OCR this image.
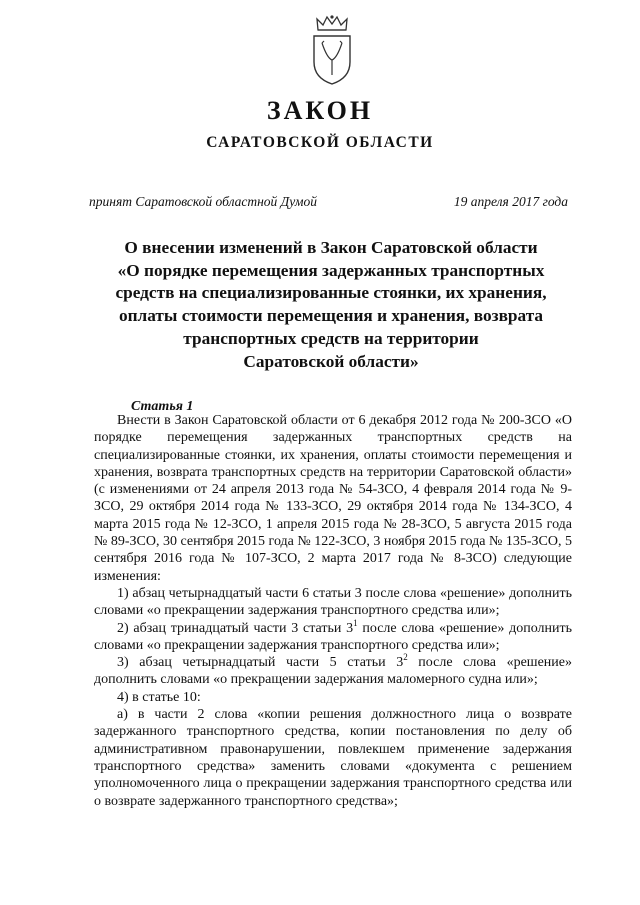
ЗАКОН
САРАТОВСКОЙ ОБЛАСТИ
принят Саратовской областной Думой	19 апреля 2017 года
О внесении изменений в Закон Саратовской области
«О порядке перемещения задержанных транспортных
средств на специализированные стоянки, их хранения,
оплаты стоимости перемещения и хранения, возврата
транспортных средств на территории
Саратовской области»
Статья 1

Внести в Закон Саратовской области от 6 декабря 2012 года № 200-ЗСО «О порядке перемещения задержанных транспортных средств на специализированные стоянки, их хранения, оплаты стоимости перемещения и хранения, возврата транспортных средств на территории Саратовской области» (с изменениями от 24 апреля 2013 года № 54-ЗСО, 4 февраля 2014 года № 9-ЗСО, 29 октября 2014 года № 133-ЗСО, 29 октября 2014 года № 134-ЗСО, 4 марта 2015 года № 12-ЗСО, 1 апреля 2015 года № 28-ЗСО, 5 августа 2015 года № 89-ЗСО, 30 сентября 2015 года № 122-ЗСО, 3 ноября 2015 года № 135-ЗСО, 5 сентября 2016 года № 107-ЗСО, 2 марта 2017 года № 8-ЗСО) следующие изменения:

1) абзац четырнадцатый части 6 статьи 3 после слова «решение» дополнить словами «о прекращении задержания транспортного средства или»;

2) абзац тринадцатый части 3 статьи $3^1$ после слова «решение» дополнить словами «о прекращении задержания транспортного средства или»;

3) абзац четырнадцатый части 5 статьи $3^2$ после слова «решение» дополнить словами «о прекращении задержания маломерного судна или»;

4) в статье 10:

а) в части 2 слова «копии решения должностного лица о возврате задержанного транспортного средства, копии постановления по делу об административном правонарушении, повлекшем применение задержания транспортного средства» заменить словами «документа с решением уполномоченного лица о прекращении задержания транспортного средства или о возврате задержанного транспортного средства»;
